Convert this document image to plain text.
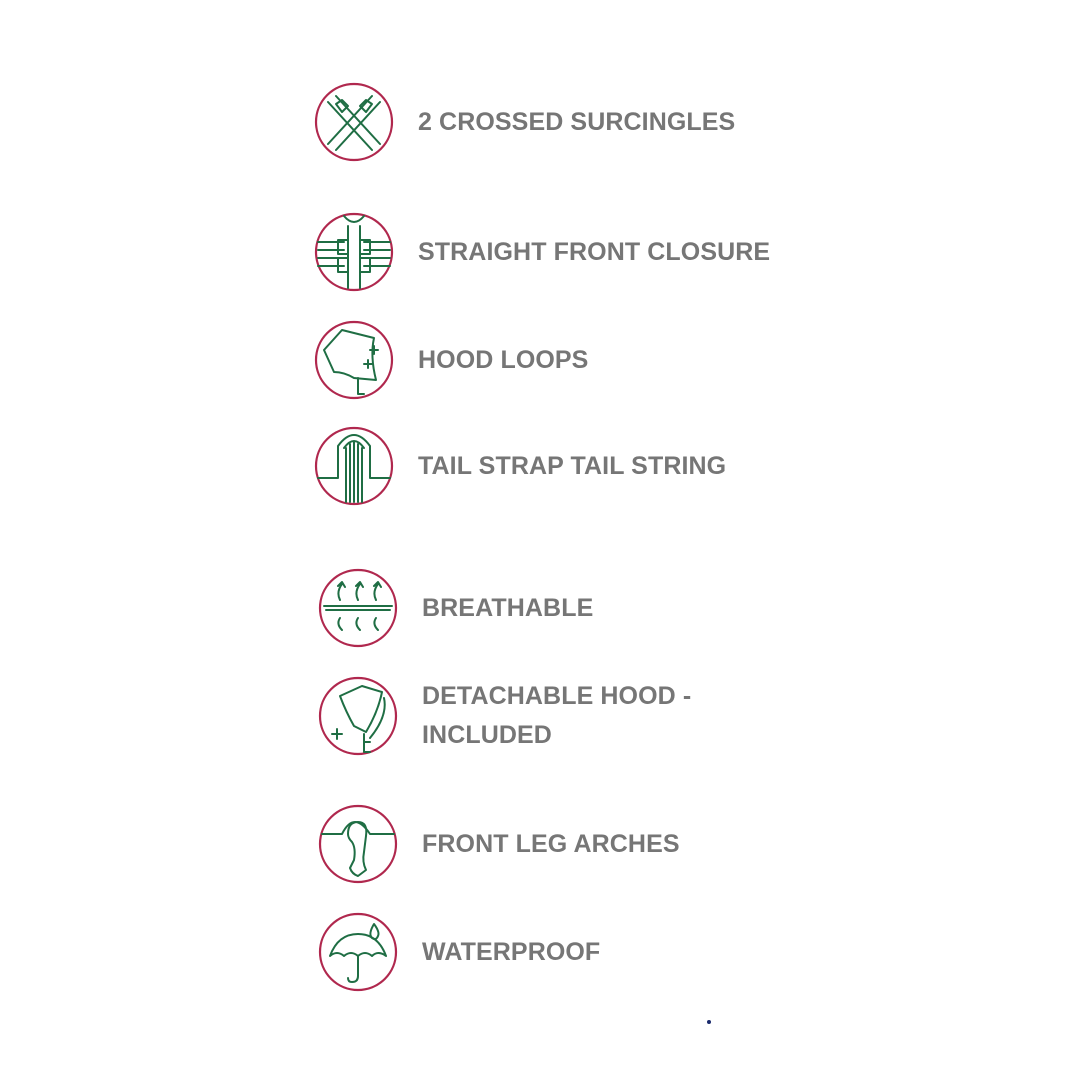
2 CROSSED SURCINGLES
STRAIGHT FRONT CLOSURE
HOOD LOOPS
TAIL STRAP TAIL STRING
BREATHABLE
DETACHABLE HOOD -
INCLUDED
FRONT LEG ARCHES
WATERPROOF
